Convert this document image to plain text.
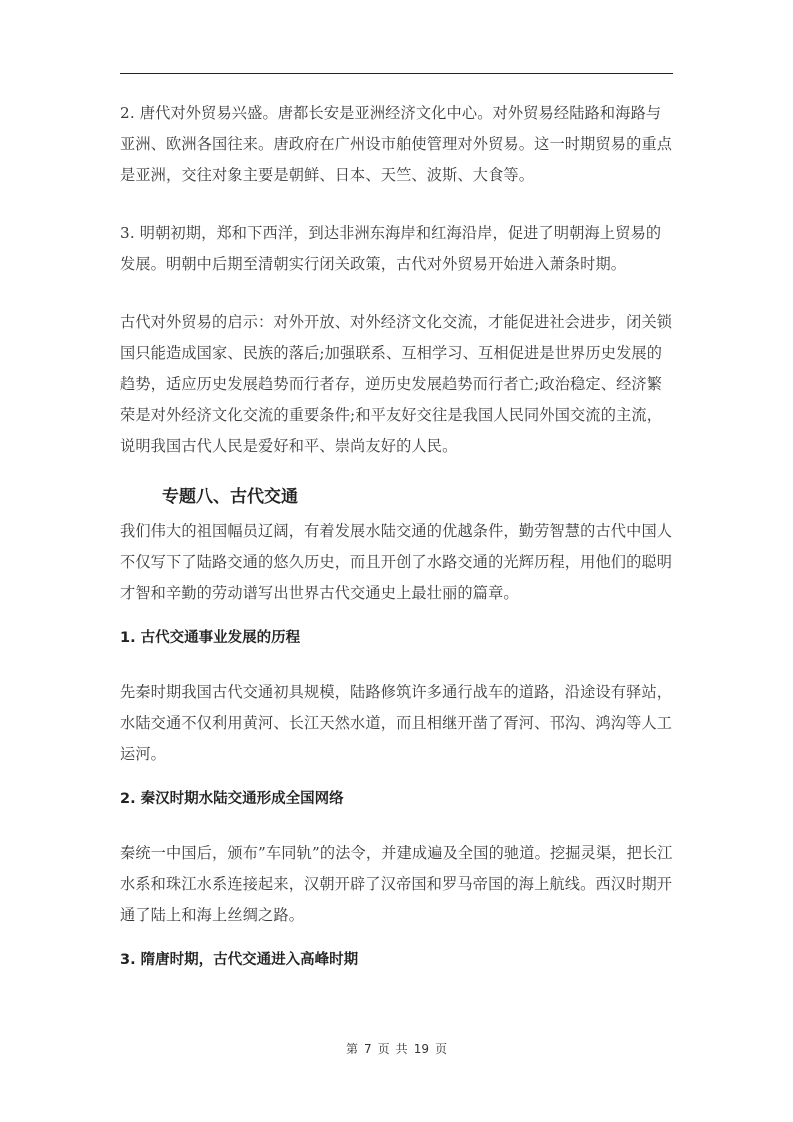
2. 唐代对外贸易兴盛。唐都长安是亚洲经济文化中心。对外贸易经陆路和海路与亚洲、欧洲各国往来。唐政府在广州设市舶使管理对外贸易。这一时期贸易的重点是亚洲，交往对象主要是朝鲜、日本、天竺、波斯、大食等。

3. 明朝初期，郑和下西洋，到达非洲东海岸和红海沿岸，促进了明朝海上贸易的发展。明朝中后期至清朝实行闭关政策，古代对外贸易开始进入萧条时期。

古代对外贸易的启示：对外开放、对外经济文化交流，才能促进社会进步，闭关锁国只能造成国家、民族的落后;加强联系、互相学习、互相促进是世界历史发展的趋势，适应历史发展趋势而行者存，逆历史发展趋势而行者亡;政治稳定、经济繁荣是对外经济文化交流的重要条件;和平友好交往是我国人民同外国交流的主流，说明我国古代人民是爱好和平、崇尚友好的人民。

专题八、古代交通

我们伟大的祖国幅员辽阔，有着发展水陆交通的优越条件，勤劳智慧的古代中国人不仅写下了陆路交通的悠久历史，而且开创了水路交通的光辉历程，用他们的聪明才智和辛勤的劳动谱写出世界古代交通史上最壮丽的篇章。

1. 古代交通事业发展的历程

先秦时期我国古代交通初具规模，陆路修筑许多通行战车的道路，沿途设有驿站，水陆交通不仅利用黄河、长江天然水道，而且相继开凿了胥河、邗沟、鸿沟等人工运河。

2. 秦汉时期水陆交通形成全国网络

秦统一中国后，颁布”车同轨”的法令，并建成遍及全国的驰道。挖掘灵渠，把长江水系和珠江水系连接起来，汉朝开辟了汉帝国和罗马帝国的海上航线。西汉时期开通了陆上和海上丝绸之路。

3. 隋唐时期，古代交通进入高峰时期
第 7 页 共 19 页
